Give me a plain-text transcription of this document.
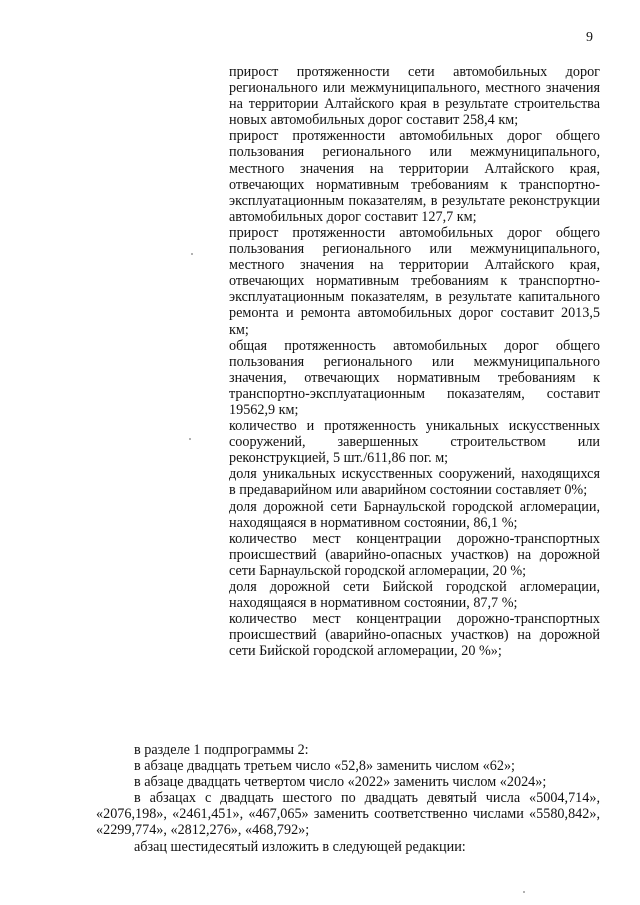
9

прирост протяженности сети автомобильных дорог регионального или межмуниципального, местного значения на территории Алтайского края в результате строительства новых автомобильных дорог составит 258,4 км;

прирост протяженности автомобильных дорог общего пользования регионального или межмуниципального, местного значения на территории Алтайского края, отвечающих нормативным требованиям к транспортно-эксплуатационным показателям, в результате реконструкции автомобильных дорог составит 127,7 км;

прирост протяженности автомобильных дорог общего пользования регионального или межмуниципального, местного значения на территории Алтайского края, отвечающих нормативным требованиям к транспортно-эксплуатационным показателям, в результате капитального ремонта и ремонта автомобильных дорог составит 2013,5 км;

общая протяженность автомобильных дорог общего пользования регионального или межмуниципального значения, отвечающих нормативным требованиям к транспортно-эксплуатационным показателям, составит 19562,9 км;

количество и протяженность уникальных искусственных сооружений, завершенных строительством или реконструкцией, 5 шт./611,86 пог. м;

доля уникальных искусственных сооружений, находящихся в предаварийном или аварийном состоянии составляет 0%;

доля дорожной сети Барнаульской городской агломерации, находящаяся в нормативном состоянии, 86,1 %;

количество мест концентрации дорожно-транспортных происшествий (аварийно-опасных участков) на дорожной сети Барнаульской городской агломерации, 20 %;

доля дорожной сети Бийской городской агломерации, находящаяся в нормативном состоянии, 87,7 %;

количество мест концентрации дорожно-транспортных происшествий (аварийно-опасных участков) на дорожной сети Бийской городской агломерации, 20 %»;

в разделе 1 подпрограммы 2:

в абзаце двадцать третьем число «52,8» заменить числом «62»;

в абзаце двадцать четвертом число «2022» заменить числом «2024»;

в абзацах с двадцать шестого по двадцать девятый числа «5004,714», «2076,198», «2461,451», «467,065» заменить соответственно числами «5580,842», «2299,774», «2812,276», «468,792»;

абзац шестидесятый изложить в следующей редакции:
